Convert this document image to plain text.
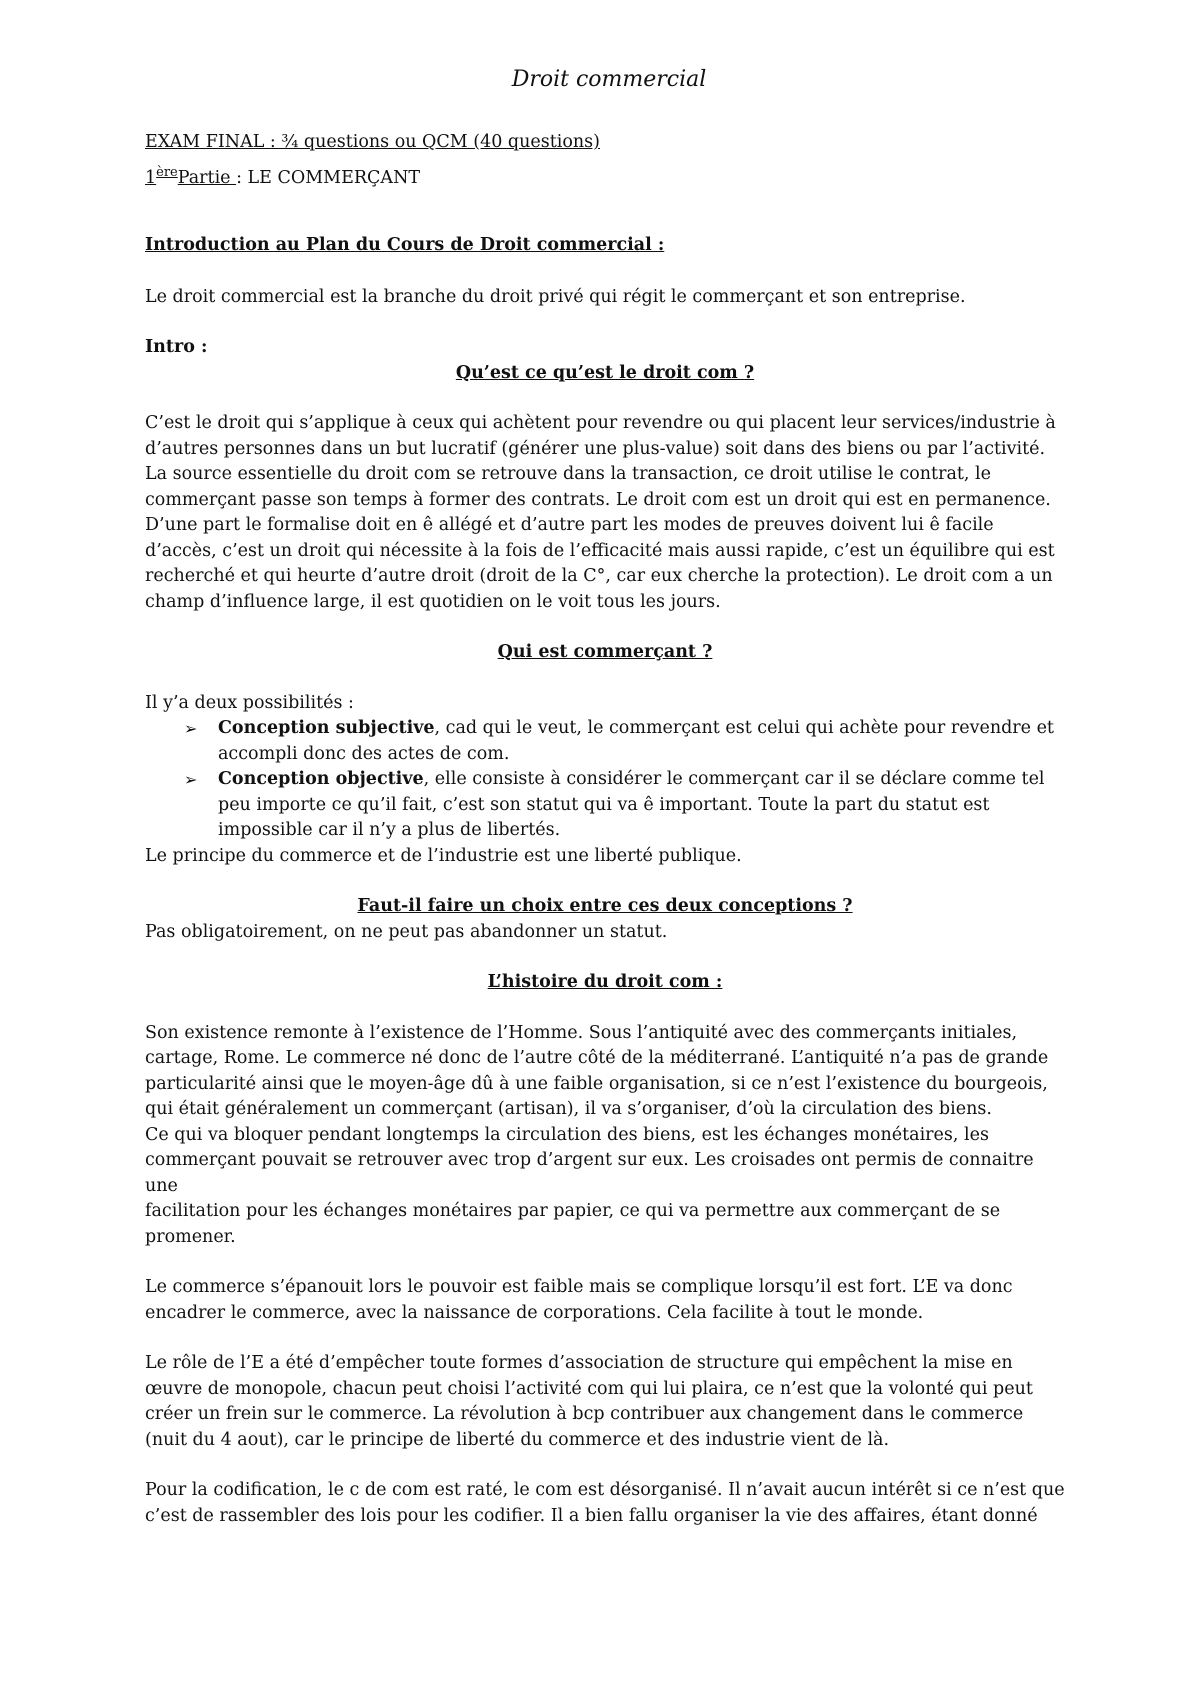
Droit commercial

EXAM FINAL : ¾ questions ou QCM (40 questions)

1èrePartie : LE COMMERÇANT

Introduction au Plan du Cours de Droit commercial :

Le droit commercial est la branche du droit privé qui régit le commerçant et son entreprise.

Intro :

Qu’est ce qu’est le droit com ?

C’est le droit qui s’applique à ceux qui achètent pour revendre ou qui placent leur services/industrie à

d’autres personnes dans un but lucratif (générer une plus-value) soit dans des biens ou par l’activité.

La source essentielle du droit com se retrouve dans la transaction, ce droit utilise le contrat, le

commerçant passe son temps à former des contrats. Le droit com est un droit qui est en permanence.

D’une part le formalise doit en ê allégé et d’autre part les modes de preuves doivent lui ê facile

d’accès, c’est un droit qui nécessite à la fois de l’efficacité mais aussi rapide, c’est un équilibre qui est

recherché et qui heurte d’autre droit (droit de la C°, car eux cherche la protection). Le droit com a un

champ d’influence large, il est quotidien on le voit tous les jours.

Qui est commerçant ?

Il y’a deux possibilités :

➢ Conception subjective, cad qui le veut, le commerçant est celui qui achète pour revendre et
accompli donc des actes de com.
➢ Conception objective, elle consiste à considérer le commerçant car il se déclare comme tel
peu importe ce qu’il fait, c’est son statut qui va ê important. Toute la part du statut est
impossible car il n’y a plus de libertés.

Le principe du commerce et de l’industrie est une liberté publique.

Faut-il faire un choix entre ces deux conceptions ?

Pas obligatoirement, on ne peut pas abandonner un statut.

L’histoire du droit com :

Son existence remonte à l’existence de l’Homme. Sous l’antiquité avec des commerçants initiales,

cartage, Rome. Le commerce né donc de l’autre côté de la méditerrané. L’antiquité n’a pas de grande

particularité ainsi que le moyen-âge dû à une faible organisation, si ce n’est l’existence du bourgeois,

qui était généralement un commerçant (artisan), il va s’organiser, d’où la circulation des biens.

Ce qui va bloquer pendant longtemps la circulation des biens, est les échanges monétaires, les

commerçant pouvait se retrouver avec trop d’argent sur eux. Les croisades ont permis de connaitre une

facilitation pour les échanges monétaires par papier, ce qui va permettre aux commerçant de se

promener.

Le commerce s’épanouit lors le pouvoir est faible mais se complique lorsqu’il est fort. L’E va donc

encadrer le commerce, avec la naissance de corporations. Cela facilite à tout le monde.

Le rôle de l’E a été d’empêcher toute formes d’association de structure qui empêchent la mise en

œuvre de monopole, chacun peut choisi l’activité com qui lui plaira, ce n’est que la volonté qui peut

créer un frein sur le commerce. La révolution à bcp contribuer aux changement dans le commerce

(nuit du 4 aout), car le principe de liberté du commerce et des industrie vient de là.

Pour la codification, le c de com est raté, le com est désorganisé. Il n’avait aucun intérêt si ce n’est que

c’est de rassembler des lois pour les codifier. Il a bien fallu organiser la vie des affaires, étant donné
